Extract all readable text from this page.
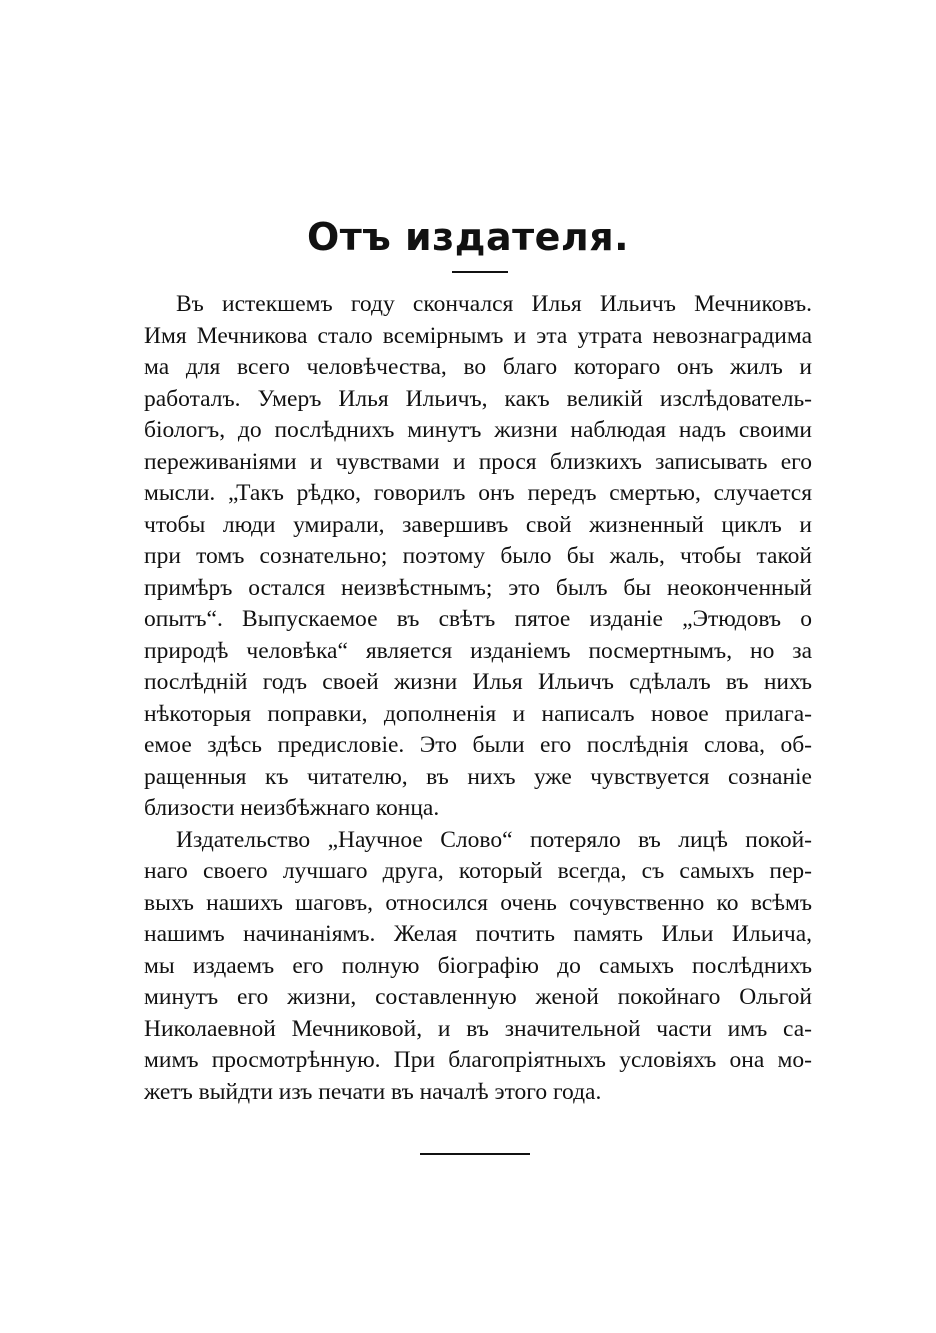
Отъ издателя.
Въ истекшемъ году скончался Илья Ильичъ Мечниковъ.
Имя Мечникова стало всемірнымъ и эта утрата невознаградима
ма для всего человѣчества, во благо котораго онъ жилъ и
работалъ. Умеръ Илья Ильичъ, какъ великій изслѣдователь-
біологъ, до послѣднихъ минутъ жизни наблюдая надъ своими
переживаніями и чувствами и прося близкихъ записывать его
мысли. „Такъ рѣдко, говорилъ онъ передъ смертью, случается
чтобы люди умирали, завершивъ свой жизненный циклъ и
при томъ сознательно; поэтому было бы жаль, чтобы такой
примѣръ остался неизвѣстнымъ; это былъ бы неоконченный
опытъ“. Выпускаемое въ свѣтъ пятое изданіе „Этюдовъ о
природѣ человѣка“ является изданіемъ посмертнымъ, но за
послѣдній годъ своей жизни Илья Ильичъ сдѣлалъ въ нихъ
нѣкоторыя поправки, дополненія и написалъ новое прилага-
емое здѣсь предисловіе. Это были его послѣднія слова, об-
ращенныя къ читателю, въ нихъ уже чувствуется сознаніе
близости неизбѣжнаго конца.
Издательство „Научное Слово“ потеряло въ лицѣ покой-
наго своего лучшаго друга, который всегда, съ самыхъ пер-
выхъ нашихъ шаговъ, относился очень сочувственно ко всѣмъ
нашимъ начинаніямъ. Желая почтить память Ильи Ильича,
мы издаемъ его полную біографію до самыхъ послѣднихъ
минутъ его жизни, составленную женой покойнаго Ольгой
Николаевной Мечниковой, и въ значительной части имъ са-
мимъ просмотрѣнную. При благопріятныхъ условіяхъ она мо-
жетъ выйдти изъ печати въ началѣ этого года.
